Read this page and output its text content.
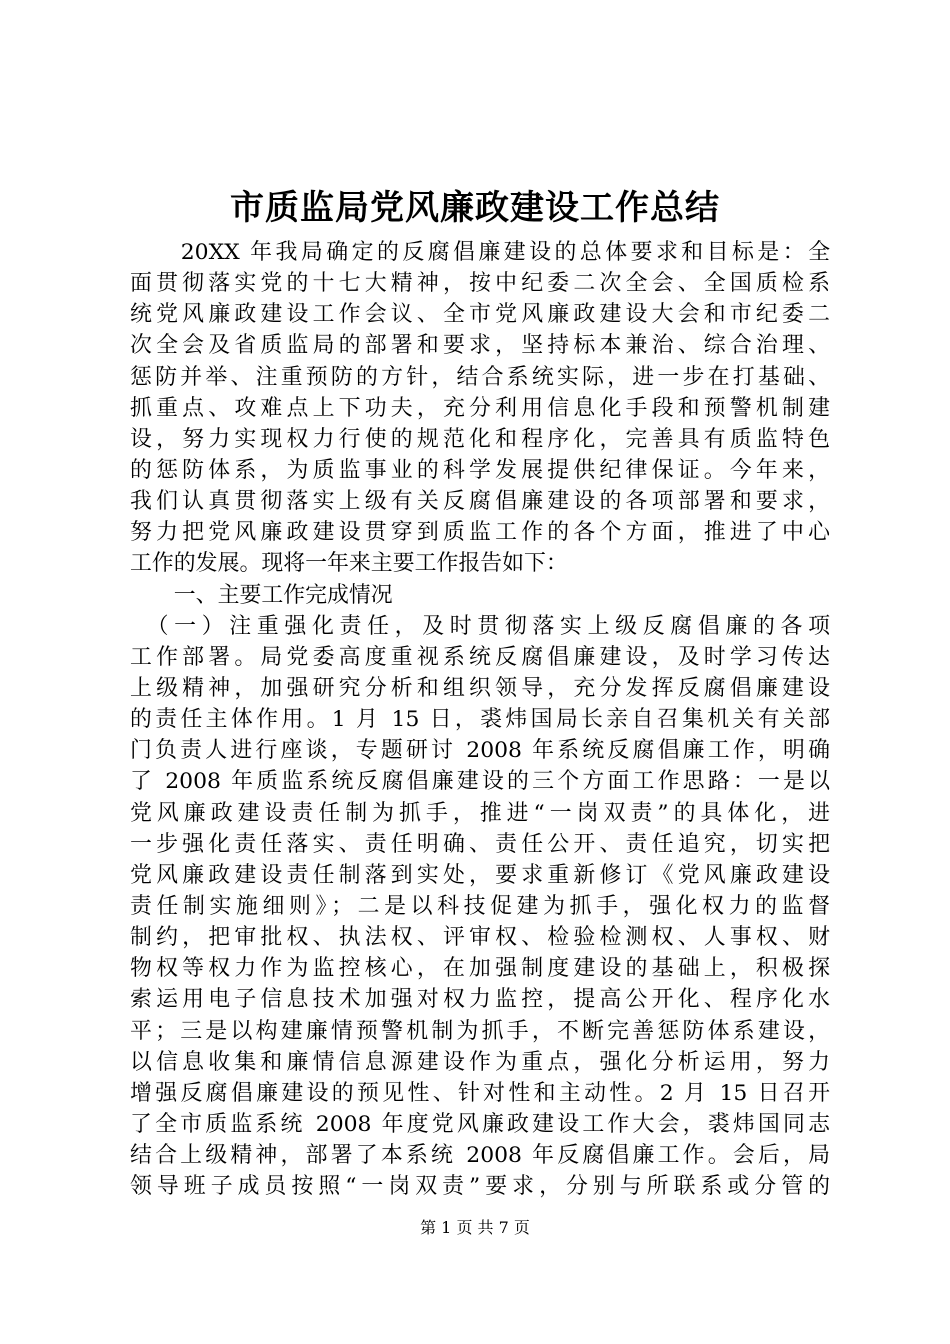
市质监局党风廉政建设工作总结
　　20XX 年我局确定的反腐倡廉建设的总体要求和目标是：全
面贯彻落实党的十七大精神，按中纪委二次全会、全国质检系
统党风廉政建设工作会议、全市党风廉政建设大会和市纪委二
次全会及省质监局的部署和要求，坚持标本兼治、综合治理、
惩防并举、注重预防的方针，结合系统实际，进一步在打基础、
抓重点、攻难点上下功夫，充分利用信息化手段和预警机制建
设，努力实现权力行使的规范化和程序化，完善具有质监特色
的惩防体系，为质监事业的科学发展提供纪律保证。今年来，
我们认真贯彻落实上级有关反腐倡廉建设的各项部署和要求，
努力把党风廉政建设贯穿到质监工作的各个方面，推进了中心
工作的发展。现将一年来主要工作报告如下：
　　一、主要工作完成情况
　（一）注重强化责任，及时贯彻落实上级反腐倡廉的各项
工作部署。局党委高度重视系统反腐倡廉建设，及时学习传达
上级精神，加强研究分析和组织领导，充分发挥反腐倡廉建设
的责任主体作用。1 月 15 日，裘炜国局长亲自召集机关有关部
门负责人进行座谈，专题研讨 2008 年系统反腐倡廉工作，明确
了 2008 年质监系统反腐倡廉建设的三个方面工作思路：一是以
党风廉政建设责任制为抓手，推进“一岗双责”的具体化，进
一步强化责任落实、责任明确、责任公开、责任追究，切实把
党风廉政建设责任制落到实处，要求重新修订《党风廉政建设
责任制实施细则》；二是以科技促建为抓手，强化权力的监督
制约，把审批权、执法权、评审权、检验检测权、人事权、财
物权等权力作为监控核心，在加强制度建设的基础上，积极探
索运用电子信息技术加强对权力监控，提高公开化、程序化水
平；三是以构建廉情预警机制为抓手，不断完善惩防体系建设，
以信息收集和廉情信息源建设作为重点，强化分析运用，努力
增强反腐倡廉建设的预见性、针对性和主动性。2 月 15 日召开
了全市质监系统 2008 年度党风廉政建设工作大会，裘炜国同志
结合上级精神，部署了本系统 2008 年反腐倡廉工作。会后，局
领导班子成员按照“一岗双责”要求，分别与所联系或分管的
第 1 页 共 7 页
